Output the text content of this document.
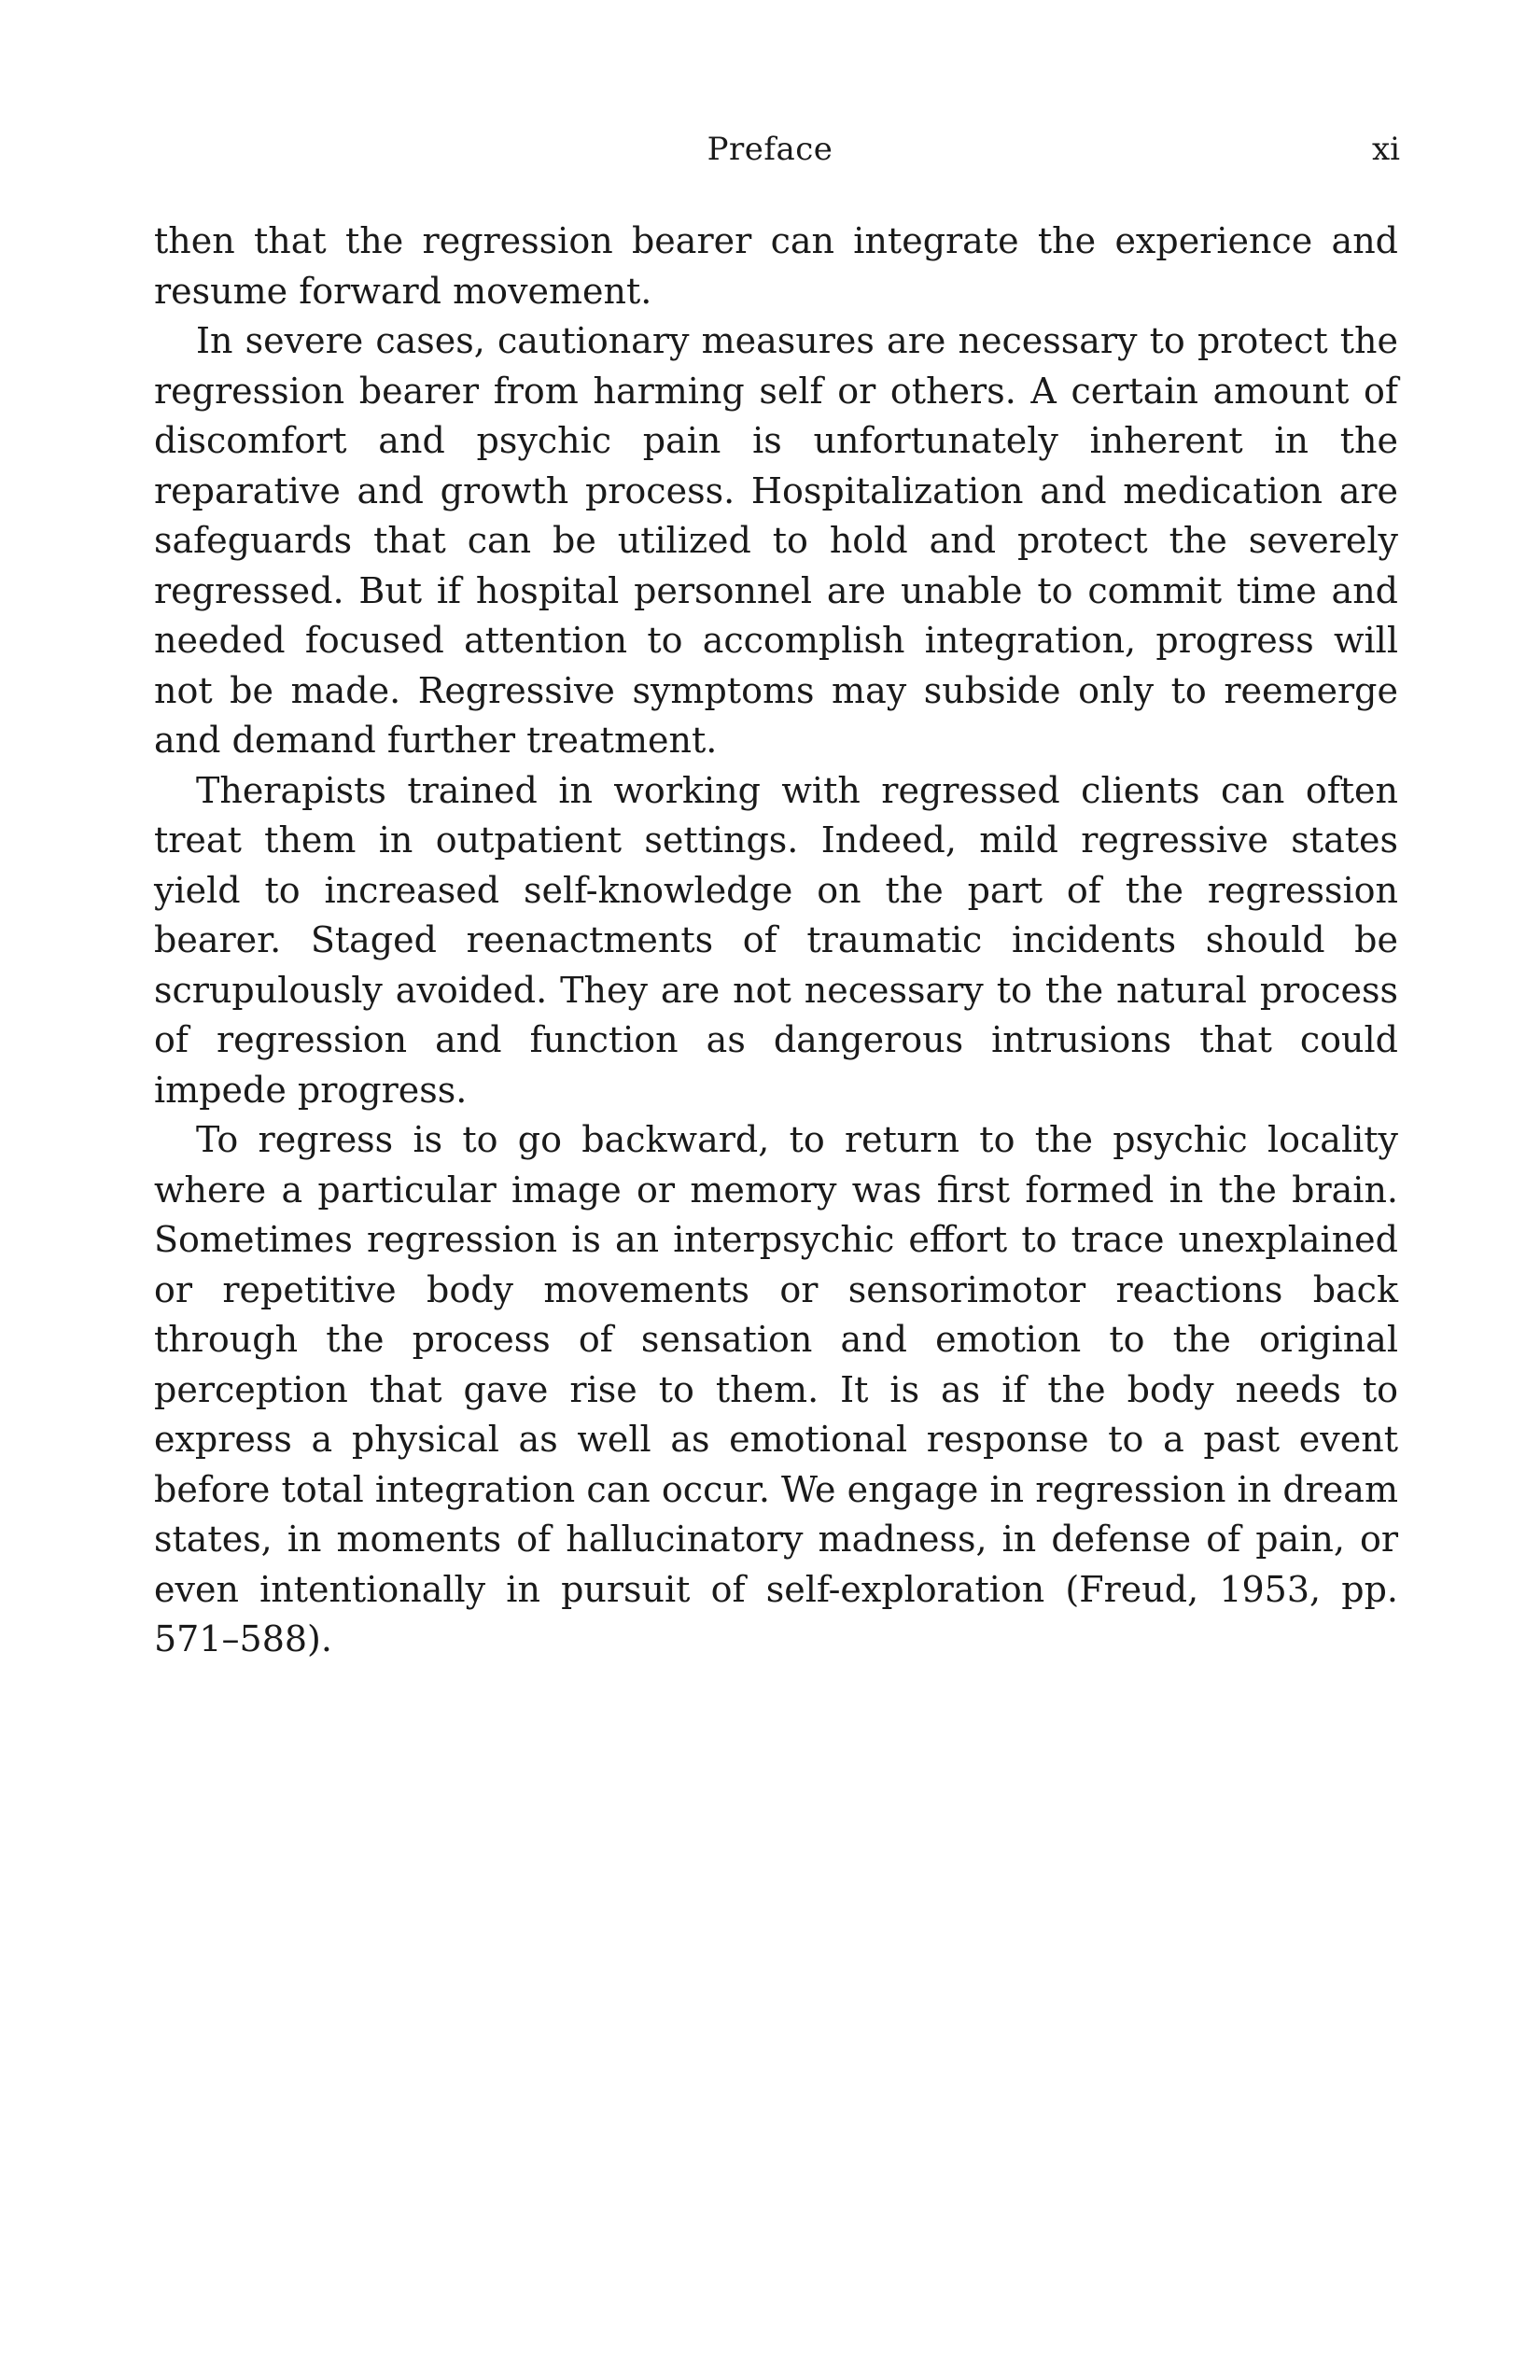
Preface	xi

then that the regression bearer can integrate the experience and resume forward movement.

In severe cases, cautionary measures are necessary to protect the regression bearer from harming self or others. A certain amount of discomfort and psychic pain is unfortunately inherent in the reparative and growth process. Hospitalization and medication are safeguards that can be utilized to hold and protect the severely regressed. But if hospital personnel are unable to commit time and needed focused attention to accomplish integration, progress will not be made. Regressive symptoms may subside only to reemerge and demand further treatment.

Therapists trained in working with regressed clients can often treat them in outpatient settings. Indeed, mild regressive states yield to increased self-knowledge on the part of the regression bearer. Staged reenactments of traumatic incidents should be scrupulously avoided. They are not necessary to the natural process of regression and function as dangerous intrusions that could impede progress.

To regress is to go backward, to return to the psychic locality where a particular image or memory was first formed in the brain. Sometimes regression is an interpsychic effort to trace unexplained or repetitive body movements or sensorimotor reactions back through the process of sensation and emotion to the original perception that gave rise to them. It is as if the body needs to express a physical as well as emotional response to a past event before total integration can occur. We engage in regression in dream states, in moments of hallucinatory madness, in defense of pain, or even intentionally in pursuit of self-exploration (Freud, 1953, pp. 571–588).
